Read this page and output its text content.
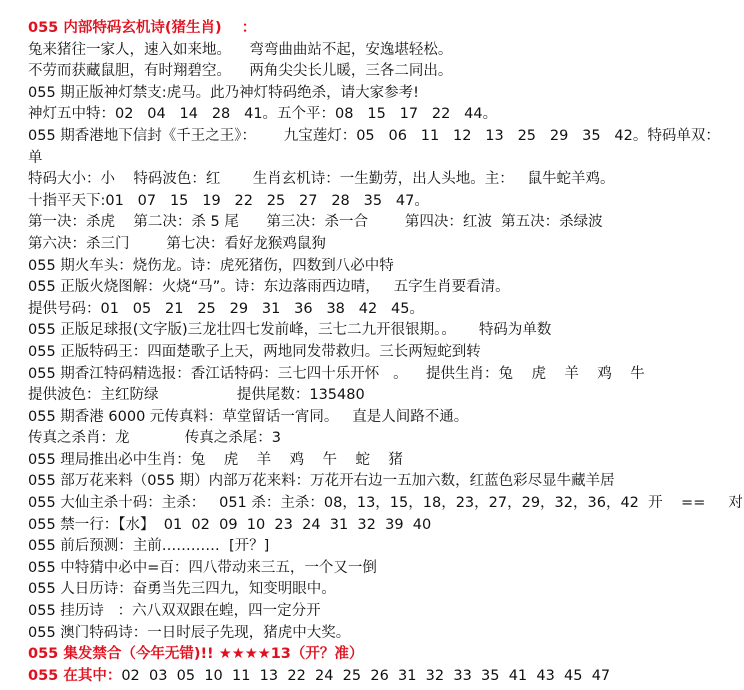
055 内部特码玄机诗(猪生肖)    ：
兔来猪往一家人，速入如来地。    弯弯曲曲站不起，安逸堪轻松。
不劳而获藏鼠胆，有时翔碧空。    两角尖尖长儿暖，三各二同出。
055 期正版神灯禁支:虎马。此乃神灯特码绝杀，请大家参考!
神灯五中特：02   04   14   28   41。五个平：08   15   17   22   44。
055 期香港地下信封《千王之王》：      九宝莲灯：05   06   11   12   13   25   29   35   42。特码单双：
单
特码大小：小    特码波色：红       生肖玄机诗：一生勤劳，出人头地。主：   鼠牛蛇羊鸡。
十指平天下:01   07   15   19   22   25   27   28   35   47。
第一决：杀虎    第二决：杀 5 尾      第三决：杀一合        第四决：红波  第五决：杀绿波
第六决：杀三门        第七决：看好龙猴鸡鼠狗
055 期火车头：烧伤龙。诗：虎死猪伤，四数到八必中特
055 正版火烧图解：火烧“马”。诗：东边落雨西边晴，   五字生肖要看清。
提供号码：01   05   21   25   29   31   36   38   42   45。
055 正版足球报(文字版)三龙壮四七发前峰，三七二九开很银期。。     特码为单数
055 正版特码王：四面楚歌子上天，两地同发带救归。三长两短蛇到转
055 期香江特码精选报：香江话特码：三七四十乐开怀   。    提供生肖：兔    虎    羊    鸡    牛
提供波色：主红防绿                 提供尾数：135480
055 期香港 6000 元传真料：草堂留话一宵同。   直是人间路不通。
传真之杀肖：龙            传真之杀尾：3
055 理局推出必中生肖：兔    虎    羊    鸡    午    蛇    猪
055 部万花来料（055 期）内部万花来料：万花开右边一五加六数，红蓝色彩尽显牛藏羊居
055 大仙主杀十码：主杀：   051 杀：主杀：08，13，15，18，23，27，29，32，36，42  开    ==     对
055 禁一行：【水】  01  02  09  10  23  24  31  32  39  40
055 前后预测：主前…………  [开？]
055 中特猜中必中=百：四八带动来三五，一个又一倒
055 人日历诗：奋勇当先三四九，知变明眼中。
055 挂历诗   ：六八双双跟在蝗，四一定分开
055 澳门特码诗：一日时辰子先现，猪虎中大奖。
055 集发禁合（今年无错)!! ★★★★13（开？准）
055 在其中：02  03  05  10  11  13  22  24  25  26  31  32  33  35  41  43  45  47
